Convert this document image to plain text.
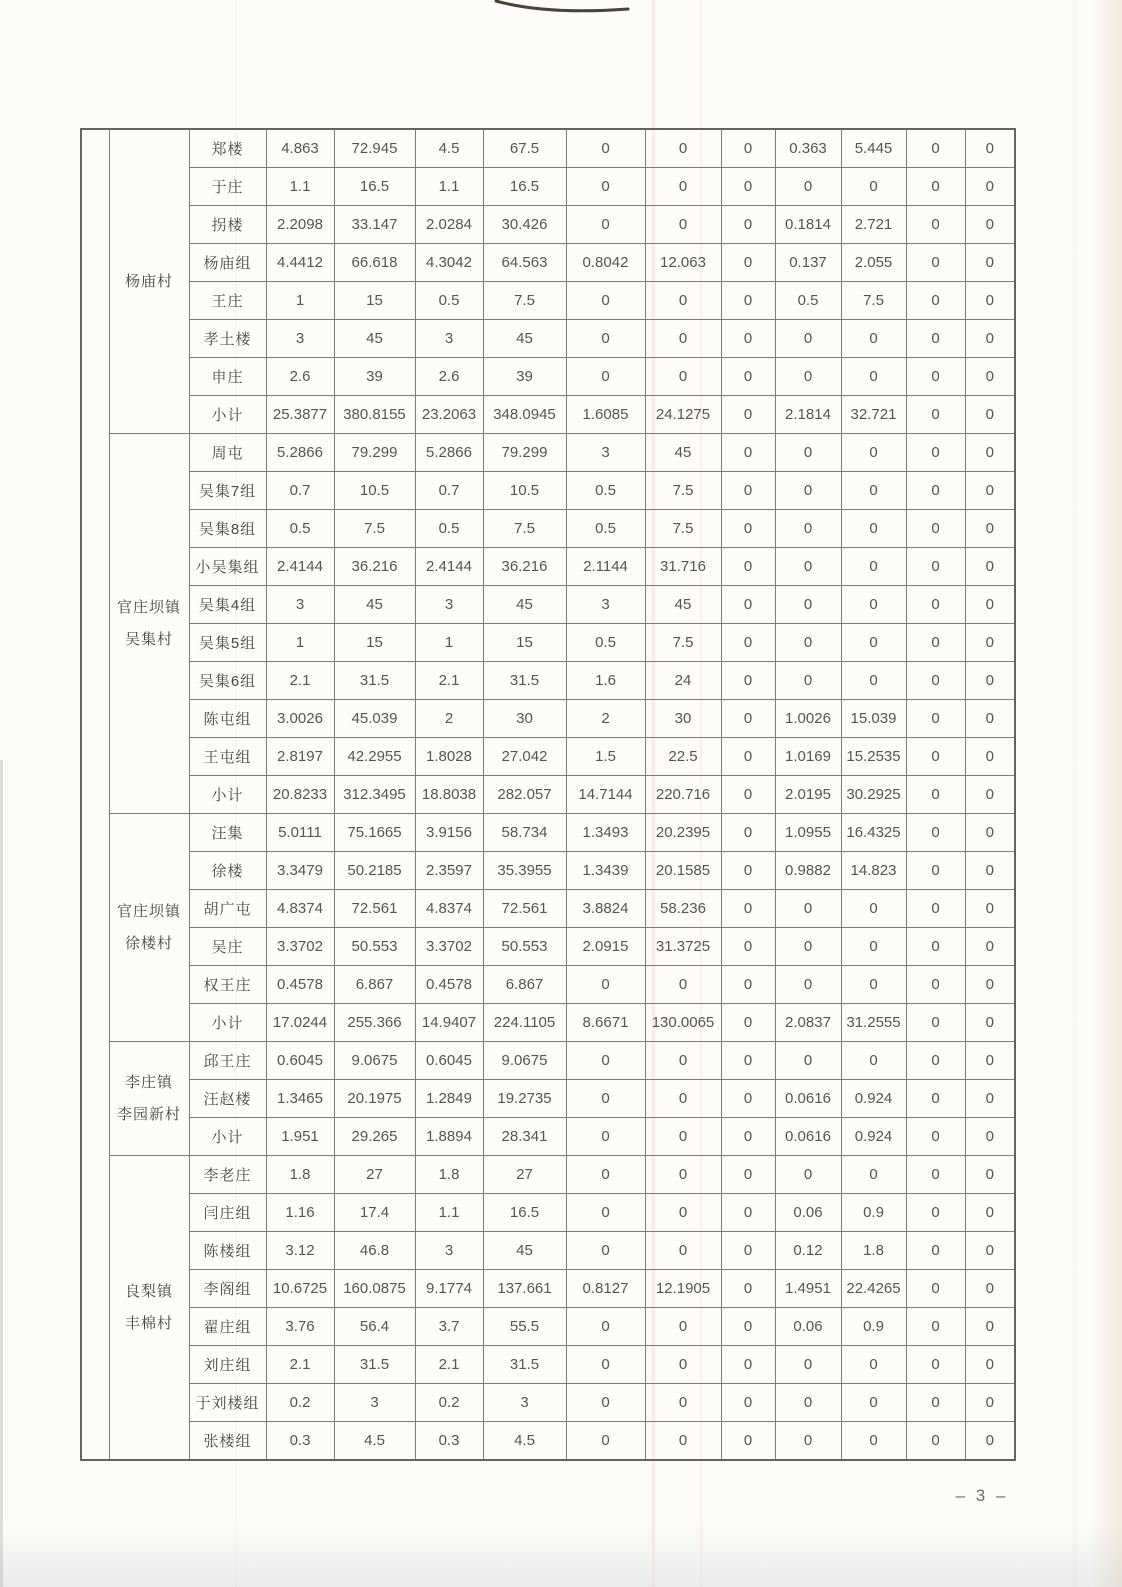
	杨庙村	郑楼	4.863	72.945	4.5	67.5	0	0	0	0.363	5.445	0	0
		于庄	1.1	16.5	1.1	16.5	0	0	0	0	0	0	0
		拐楼	2.2098	33.147	2.0284	30.426	0	0	0	0.1814	2.721	0	0
		杨庙组	4.4412	66.618	4.3042	64.563	0.8042	12.063	0	0.137	2.055	0	0
		王庄	1	15	0.5	7.5	0	0	0	0.5	7.5	0	0
		孝土楼	3	45	3	45	0	0	0	0	0	0	0
		申庄	2.6	39	2.6	39	0	0	0	0	0	0	0
		小计	25.3877	380.8155	23.2063	348.0945	1.6085	24.1275	0	2.1814	32.721	0	0

	官庄坝镇
吴集村	周屯	5.2866	79.299	5.2866	79.299	3	45	0	0	0	0	0
		吴集7组	0.7	10.5	0.7	10.5	0.5	7.5	0	0	0	0	0
		吴集8组	0.5	7.5	0.5	7.5	0.5	7.5	0	0	0	0	0
		小吴集组	2.4144	36.216	2.4144	36.216	2.1144	31.716	0	0	0	0	0
		吴集4组	3	45	3	45	3	45	0	0	0	0	0
		吴集5组	1	15	1	15	0.5	7.5	0	0	0	0	0
		吴集6组	2.1	31.5	2.1	31.5	1.6	24	0	0	0	0	0
		陈屯组	3.0026	45.039	2	30	2	30	0	1.0026	15.039	0	0
		王屯组	2.8197	42.2955	1.8028	27.042	1.5	22.5	0	1.0169	15.2535	0	0
		小计	20.8233	312.3495	18.8038	282.057	14.7144	220.716	0	2.0195	30.2925	0	0

	官庄坝镇
徐楼村	汪集	5.0111	75.1665	3.9156	58.734	1.3493	20.2395	0	1.0955	16.4325	0	0
		徐楼	3.3479	50.2185	2.3597	35.3955	1.3439	20.1585	0	0.9882	14.823	0	0
		胡广屯	4.8374	72.561	4.8374	72.561	3.8824	58.236	0	0	0	0	0
		吴庄	3.3702	50.553	3.3702	50.553	2.0915	31.3725	0	0	0	0	0
		权王庄	0.4578	6.867	0.4578	6.867	0	0	0	0	0	0	0
		小计	17.0244	255.366	14.9407	224.1105	8.6671	130.0065	0	2.0837	31.2555	0	0

	李庄镇
李园新村	邱王庄	0.6045	9.0675	0.6045	9.0675	0	0	0	0	0	0	0
		汪赵楼	1.3465	20.1975	1.2849	19.2735	0	0	0	0.0616	0.924	0	0
		小计	1.951	29.265	1.8894	28.341	0	0	0	0.0616	0.924	0	0

	良梨镇
丰棉村	李老庄	1.8	27	1.8	27	0	0	0	0	0	0	0
		闫庄组	1.16	17.4	1.1	16.5	0	0	0	0.06	0.9	0	0
		陈楼组	3.12	46.8	3	45	0	0	0	0.12	1.8	0	0
		李阁组	10.6725	160.0875	9.1774	137.661	0.8127	12.1905	0	1.4951	22.4265	0	0
		翟庄组	3.76	56.4	3.7	55.5	0	0	0	0.06	0.9	0	0
		刘庄组	2.1	31.5	2.1	31.5	0	0	0	0	0	0	0
		于刘楼组	0.2	3	0.2	3	0	0	0	0	0	0	0
		张楼组	0.3	4.5	0.3	4.5	0	0	0	0	0	0	0
– 3 –
